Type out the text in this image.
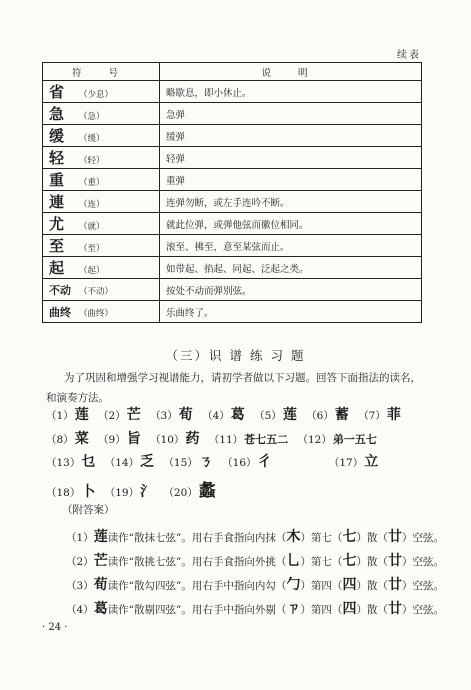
续表
符 号	说 明
省 （少息）	略歇息，即小休止。
急 （急）	急弹
缓 （缓）	缓弹
轻 （轻）	轻弹
重 （重）	重弹
連 （连）	连弹勿断，或左手连吟不断。
尤 （就）	就此位弹，或弹他弦而徽位相同。
至 （至）	滚至、拂至，意至某弦而止。
起 （起）	如带起、掐起、同起、泛起之类。
不动 （不动）	按处不动而弹别弦。
曲终 （曲终）	乐曲终了。
（三）识 谱 练 习 题
为了巩固和增强学习视谱能力，请初学者做以下习题。回答下面指法的读名，和演奏方法。
（1）莲 （2）芒 （3）荀 （4）葛 （5）莲 （6）蓄 （7）菲
（8）菜 （9）旨 （10）药 （11）苍七五二 （12）弟一五七
（13）乜 （14）乏 （15）ㄋ （16）彳	（17）立
（18）卜 （19）氵 （20）蠡
（附答案）
（1）莲读作“散抹七弦”。用右手食指向内抹（木）第七（七）散（廿）空弦。
（2）芒读作“散挑七弦”。用右手食指向外挑（乚）第七（七）散（廿）空弦。
（3）荀读作“散勾四弦”。用右手中指向内勾（勹）第四（四）散（廿）空弦。
（4）葛读作“散剔四弦”。用右手中指向外剔（ㄗ）第四（四）散（廿）空弦。
· 24 ·
